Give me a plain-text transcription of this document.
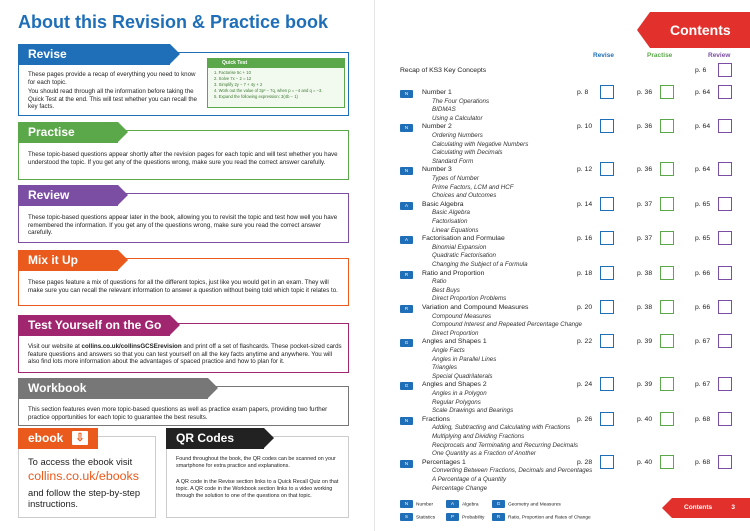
About this Revision & Practice book
Revise

These pages provide a recap of everything you need to know for each topic.

You should read through all the information before taking the Quick Test at the end. This will test whether you can recall the key facts.

Quick Test
1. Factorise 5c + 10
2. Solve 7x − 2 = 12
3. Simplify 2y − 7 + 4y + 2
4. Work out the value of 3p² − 7q, when p = −4 and q = −3.
5. Expand the following expression: 3(4b − 1)
Practise

These topic-based questions appear shortly after the revision pages for each topic and will test whether you have understood the topic. If you get any of the questions wrong, make sure you read the correct answer carefully.

Review

These topic-based questions appear later in the book, allowing you to revisit the topic and test how well you have remembered the information. If you get any of the questions wrong, make sure you read the correct answer carefully.

Mix it Up

These pages feature a mix of questions for all the different topics, just like you would get in an exam. They will make sure you can recall the relevant information to answer a question without being told which topic it relates to.

Test Yourself on the Go

Visit our website at collins.co.uk/collinsGCSErevision and print off a set of flashcards. These pocket-sized cards feature questions and answers so that you can test yourself on all the key facts anytime and anywhere. You will also find lots more information about the advantages of spaced practice and how to plan for it.

Workbook

This section features even more topic-based questions as well as practice exam papers, providing two further practice opportunities for each topic to guarantee the best results.

ebook	⇩
To access the ebook visit
collins.co.uk/ebooks
and follow the step-by-step instructions.
QR Codes

Found throughout the book, the QR codes can be scanned on your smartphone for extra practice and explanations.

A QR code in the Revise section links to a Quick Recall Quiz on that topic. A QR code in the Workbook section links to a video working through the solution to one of the questions on that topic.

Contents
Revise	Practise	Review
Recap of KS3 Key Concepts	p. 6
N	Number 1	p. 8	p. 36	p. 64
The Four Operations
BIDMAS
Using a Calculator
N	Number 2	p. 10	p. 36	p. 64
Ordering Numbers
Calculating with Negative Numbers
Calculating with Decimals
Standard Form
N	Number 3	p. 12	p. 36	p. 64
Types of Number
Prime Factors, LCM and HCF
Choices and Outcomes
A	Basic Algebra	p. 14	p. 37	p. 65
Basic Algebra
Factorisation
Linear Equations
A	Factorisation and Formulae	p. 16	p. 37	p. 65
Binomial Expansion
Quadratic Factorisation
Changing the Subject of a Formula
R	Ratio and Proportion	p. 18	p. 38	p. 66
Ratio
Best Buys
Direct Proportion Problems
R	Variation and Compound Measures	p. 20	p. 38	p. 66
Compound Measures
Compound Interest and Repeated Percentage Change
Direct Proportion
G	Angles and Shapes 1	p. 22	p. 39	p. 67
Angle Facts
Angles in Parallel Lines
Triangles
Special Quadrilaterals
G	Angles and Shapes 2	p. 24	p. 39	p. 67
Angles in a Polygon
Regular Polygons
Scale Drawings and Bearings
N	Fractions	p. 26	p. 40	p. 68
Adding, Subtracting and Calculating with Fractions
Multiplying and Dividing Fractions
Reciprocals and Terminating and Recurring Decimals
One Quantity as a Fraction of Another
N	Percentages 1	p. 28	p. 40	p. 68
Converting Between Fractions, Decimals and Percentages
A Percentage of a Quantity
Percentage Change
N Number	A Algebra	G Geometry and Measures
S Statistics	P Probability	R Ratio, Proportion and Rates of Change
Contents	3
